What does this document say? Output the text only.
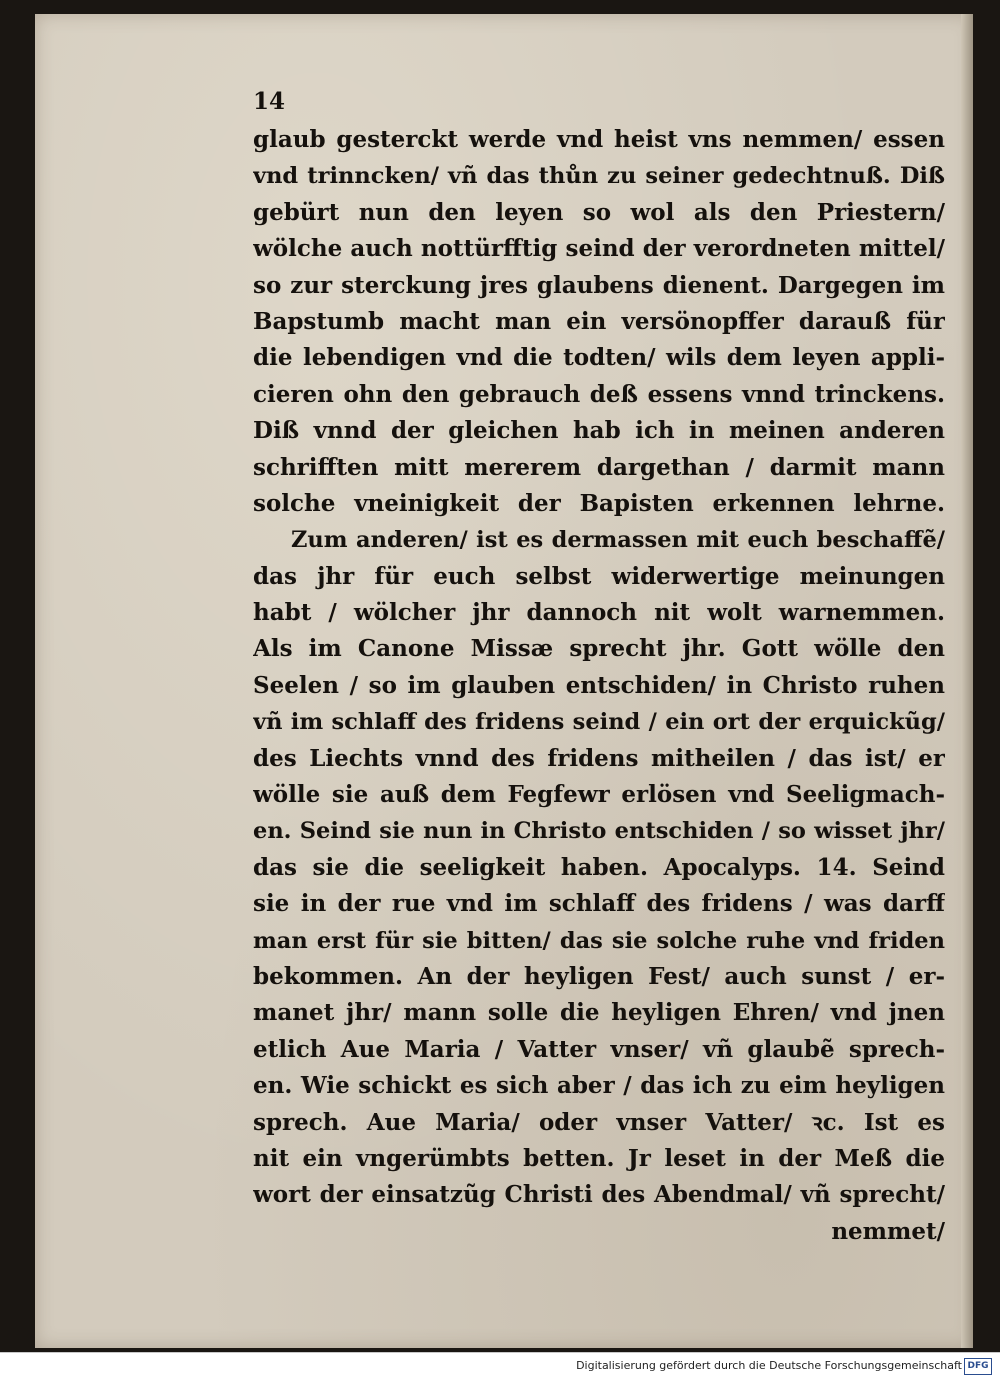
14
glaub gesterckt werde vnd heist vns nemmen/ essen
vnd trinncken/ vñ das thůn zu seiner gedechtnuß. Diß
gebürt nun den leyen so wol als den Priestern/
wölche auch nottürfftig seind der verordneten mittel/
so zur sterckung jres glaubens dienent. Dargegen im
Bapstumb macht man ein versönopffer darauß für
die lebendigen vnd die todten/ wils dem leyen appli-
cieren ohn den gebrauch deß essens vnnd trinckens.
Diß vnnd der gleichen hab ich in meinen anderen
schrifften mitt mererem dargethan / darmit mann
solche vneinigkeit der Bapisten erkennen lehrne.
Zum anderen/ ist es dermassen mit euch beschaffẽ/
das jhr für euch selbst widerwertige meinungen
habt / wölcher jhr dannoch nit wolt warnemmen.
Als im Canone Missæ sprecht jhr. Gott wölle den
Seelen / so im glauben entschiden/ in Christo ruhen
vñ im schlaff des fridens seind / ein ort der erquickũg/
des Liechts vnnd des fridens mitheilen / das ist/ er
wölle sie auß dem Fegfewr erlösen vnd Seeligmach-
en. Seind sie nun in Christo entschiden / so wisset jhr/
das sie die seeligkeit haben. Apocalyps. 14. Seind
sie in der rue vnd im schlaff des fridens / was darff
man erst für sie bitten/ das sie solche ruhe vnd friden
bekommen. An der heyligen Fest/ auch sunst / er-
manet jhr/ mann solle die heyligen Ehren/ vnd jnen
etlich Aue Maria / Vatter vnser/ vñ glaubẽ sprech-
en. Wie schickt es sich aber / das ich zu eim heyligen
sprech. Aue Maria/ oder vnser Vatter/ ꝛc. Ist es
nit ein vngerümbts betten. Jr leset in der Meß die
wort der einsatzũg Christi des Abendmal/ vñ sprecht/
nemmet/
Digitalisierung gefördert durch die Deutsche Forschungsgemeinschaft DFG
